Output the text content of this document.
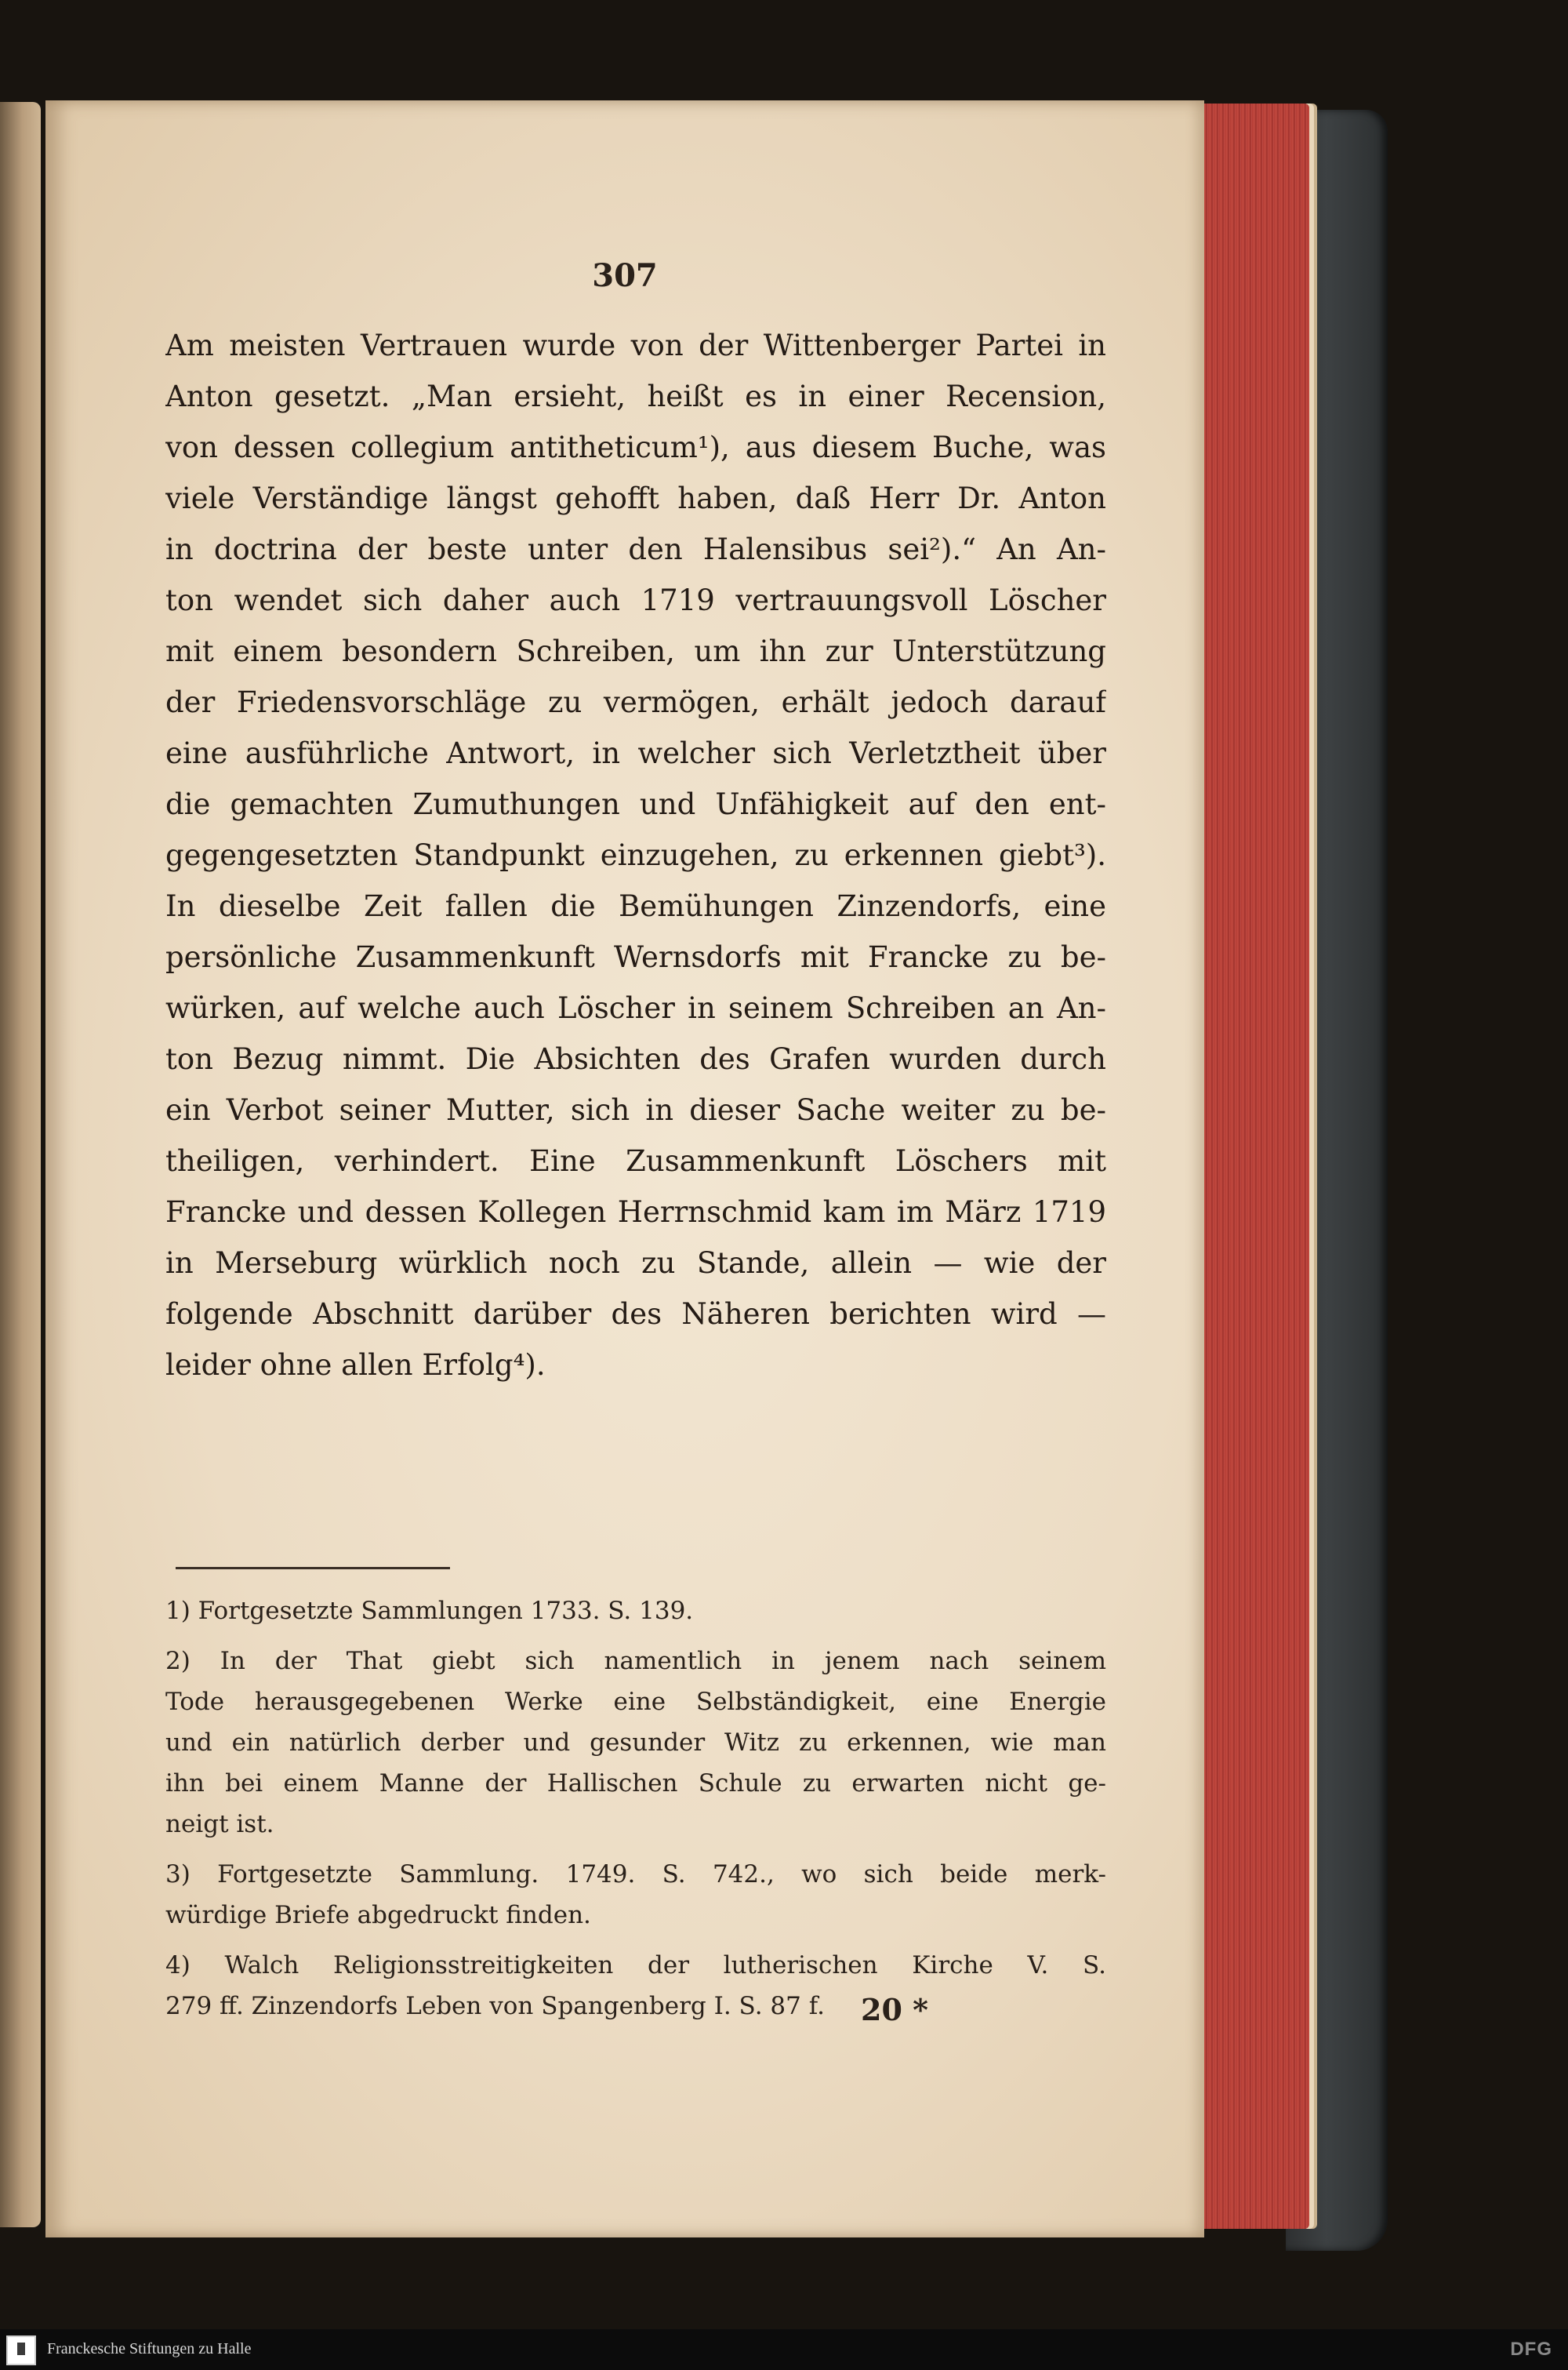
307
Am meisten Vertrauen wurde von der Wittenberger Partei in
Anton gesetzt. „Man ersieht, heißt es in einer Recension,
von dessen collegium antitheticum¹), aus diesem Buche, was
viele Verständige längst gehofft haben, daß Herr Dr. Anton
in doctrina der beste unter den Halensibus sei²).“ An An-
ton wendet sich daher auch 1719 vertrauungsvoll Löscher
mit einem besondern Schreiben, um ihn zur Unterstützung
der Friedensvorschläge zu vermögen, erhält jedoch darauf
eine ausführliche Antwort, in welcher sich Verletztheit über
die gemachten Zumuthungen und Unfähigkeit auf den ent-
gegengesetzten Standpunkt einzugehen, zu erkennen giebt³).
In dieselbe Zeit fallen die Bemühungen Zinzendorfs, eine
persönliche Zusammenkunft Wernsdorfs mit Francke zu be-
würken, auf welche auch Löscher in seinem Schreiben an An-
ton Bezug nimmt. Die Absichten des Grafen wurden durch
ein Verbot seiner Mutter, sich in dieser Sache weiter zu be-
theiligen, verhindert. Eine Zusammenkunft Löschers mit
Francke und dessen Kollegen Herrnschmid kam im März 1719
in Merseburg würklich noch zu Stande, allein — wie der
folgende Abschnitt darüber des Näheren berichten wird —
leider ohne allen Erfolg⁴).
1) Fortgesetzte Sammlungen 1733. S. 139.
2) In der That giebt sich namentlich in jenem nach seinem
Tode herausgegebenen Werke eine Selbständigkeit, eine Energie
und ein natürlich derber und gesunder Witz zu erkennen, wie man
ihn bei einem Manne der Hallischen Schule zu erwarten nicht ge-
neigt ist.
3) Fortgesetzte Sammlung. 1749. S. 742., wo sich beide merk-
würdige Briefe abgedruckt finden.
4) Walch Religionsstreitigkeiten der lutherischen Kirche V. S.
279 ff. Zinzendorfs Leben von Spangenberg I. S. 87 f.	20 *
Franckesche Stiftungen zu Halle	DFG
